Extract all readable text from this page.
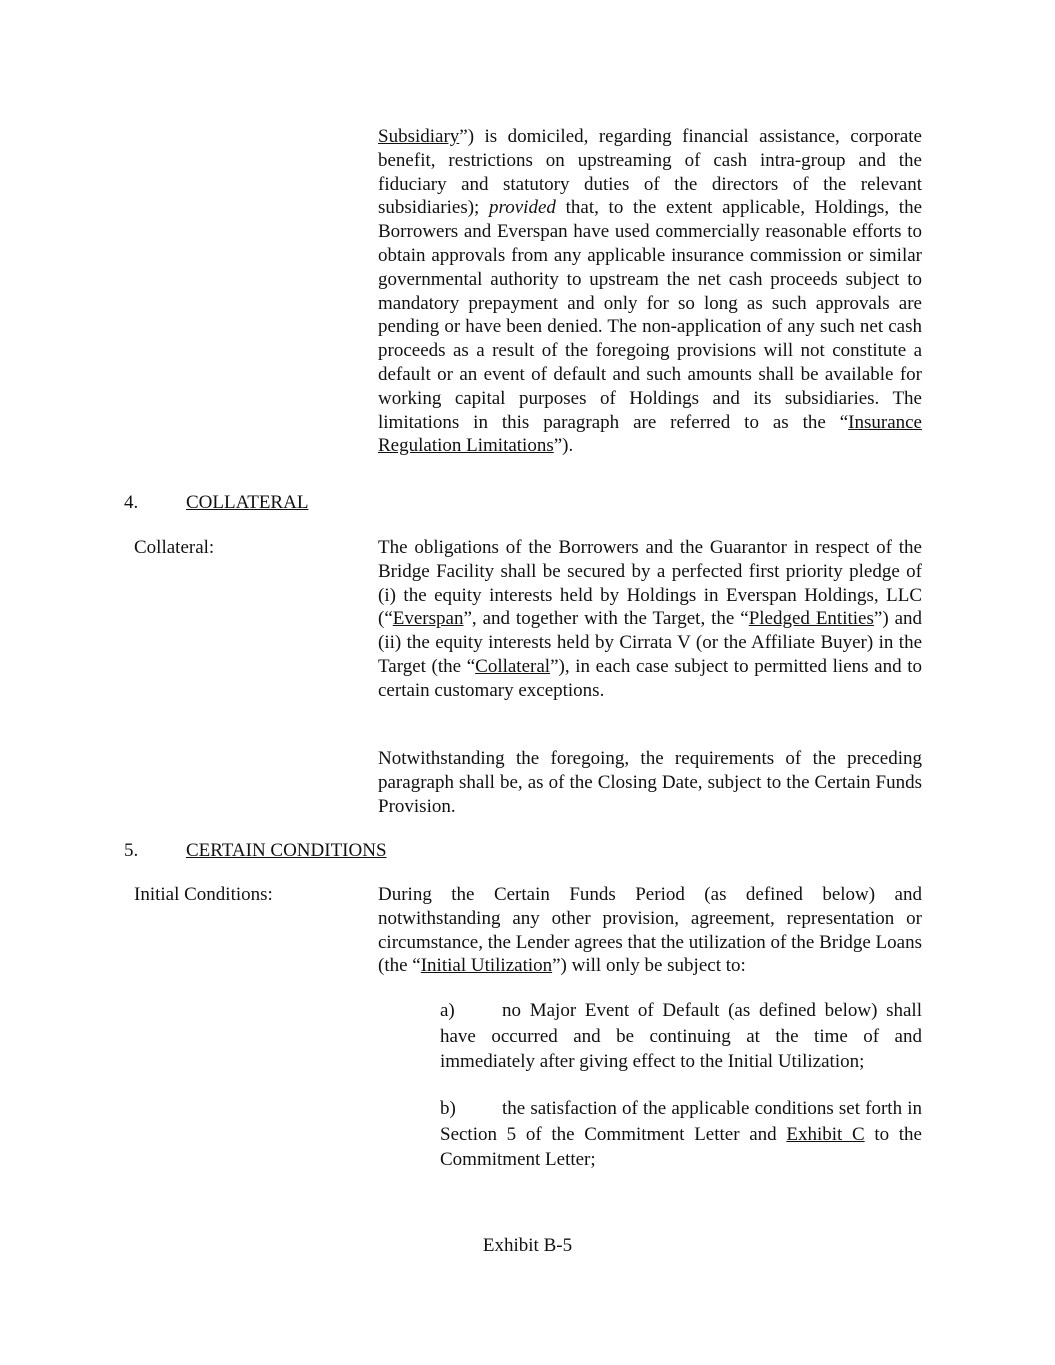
Subsidiary”) is domiciled, regarding financial assistance, corporate benefit, restrictions on upstreaming of cash intra-group and the fiduciary and statutory duties of the directors of the relevant subsidiaries); provided that, to the extent applicable, Holdings, the Borrowers and Everspan have used commercially reasonable efforts to obtain approvals from any applicable insurance commission or similar governmental authority to upstream the net cash proceeds subject to mandatory prepayment and only for so long as such approvals are pending or have been denied. The non-application of any such net cash proceeds as a result of the foregoing provisions will not constitute a default or an event of default and such amounts shall be available for working capital purposes of Holdings and its subsidiaries. The limitations in this paragraph are referred to as the “Insurance Regulation Limitations”).
4.	COLLATERAL
Collateral:	The obligations of the Borrowers and the Guarantor in respect of the Bridge Facility shall be secured by a perfected first priority pledge of (i) the equity interests held by Holdings in Everspan Holdings, LLC (“Everspan”, and together with the Target, the “Pledged Entities”) and (ii) the equity interests held by Cirrata V (or the Affiliate Buyer) in the Target (the “Collateral”), in each case subject to permitted liens and to certain customary exceptions.
Notwithstanding the foregoing, the requirements of the preceding paragraph shall be, as of the Closing Date, subject to the Certain Funds Provision.
5.	CERTAIN CONDITIONS
Initial Conditions:	During the Certain Funds Period (as defined below) and notwithstanding any other provision, agreement, representation or circumstance, the Lender agrees that the utilization of the Bridge Loans (the “Initial Utilization”) will only be subject to:
a) no Major Event of Default (as defined below) shall have occurred and be continuing at the time of and immediately after giving effect to the Initial Utilization;
b) the satisfaction of the applicable conditions set forth in Section 5 of the Commitment Letter and Exhibit C to the Commitment Letter;
Exhibit B-5
